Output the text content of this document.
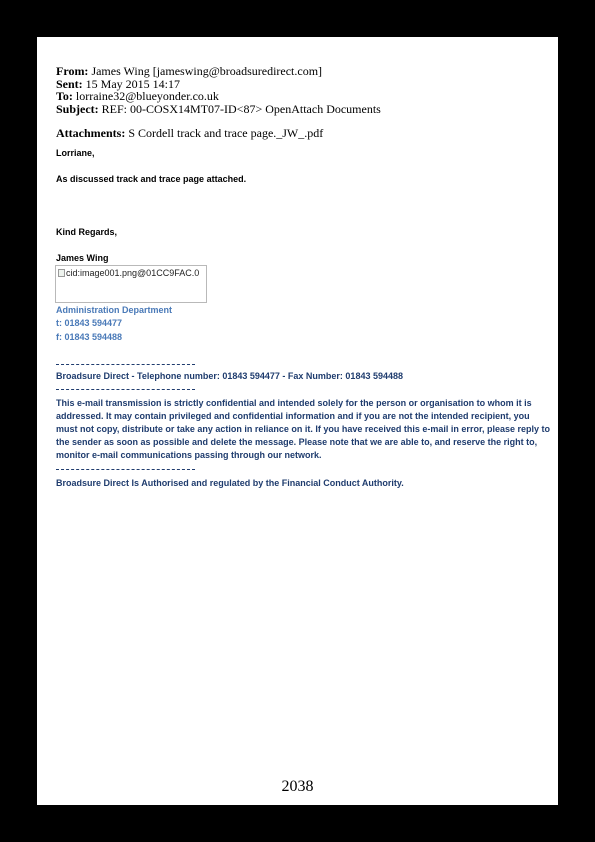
From: James Wing [jameswing@broadsuredirect.com]
Sent: 15 May 2015 14:17
To: lorraine32@blueyonder.co.uk
Subject: REF: 00-COSX14MT07-ID<87> OpenAttach Documents
Attachments: S Cordell track and trace page._JW_.pdf
Lorriane,
As discussed track and trace page attached.
Kind Regards,
James Wing
cid:image001.png@01CC9FAC.0
Administration Department
t: 01843 594477
f: 01843 594488
Broadsure Direct - Telephone number: 01843 594477 - Fax Number: 01843 594488
This e-mail transmission is strictly confidential and intended solely for the person or organisation to whom it is addressed. It may contain privileged and confidential information and if you are not the intended recipient, you must not copy, distribute or take any action in reliance on it. If you have received this e-mail in error, please reply to the sender as soon as possible and delete the message. Please note that we are able to, and reserve the right to, monitor e-mail communications passing through our network.
Broadsure Direct Is Authorised and regulated by the Financial Conduct Authority.
2038
